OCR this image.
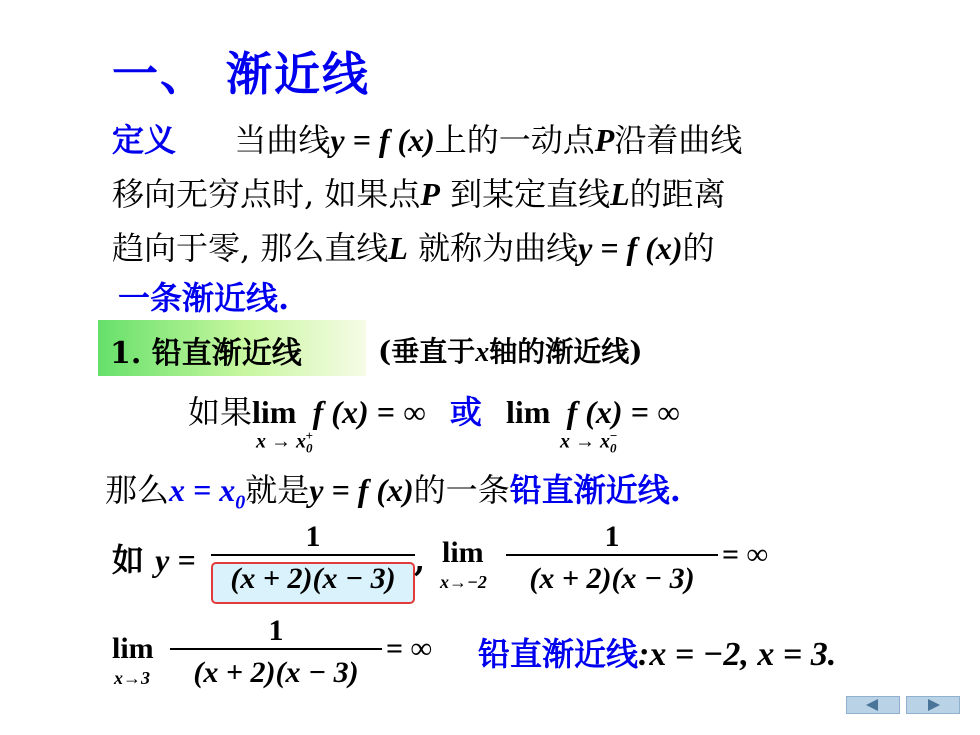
一、 渐近线
定义 当曲线y = f (x)上的一动点P沿着曲线
移向无穷点时, 如果点P 到某定直线L的距离
趋向于零, 那么直线L 就称为曲线y = f (x)的
一条渐近线.
1. 铅直渐近线	(垂直于x轴的渐近线)
如果lim f (x) = ∞ 或 lim f (x) = ∞
$x \to x_0^+$	$x \to x_0^-$
那么$x = x_0$就是y = f (x)的一条铅直渐近线.
如 y =
1
(x + 2)(x − 3) , lim
x→−2
1
(x + 2)(x − 3)
= ∞
lim
x→3
1
(x + 2)(x − 3)
= ∞ 铅直渐近线:x = −2, x = 3.
